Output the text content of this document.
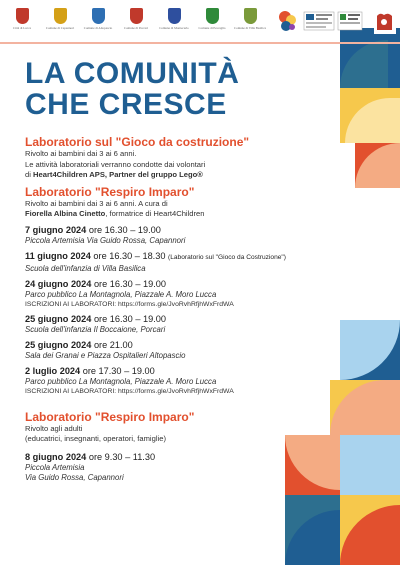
Città di Lucca	Comune di Capannori	Comune di Altopascio	Comune di Porcari	Comune di Montecarlo	Comune di Pescaglia	Comune di Villa Basilica
LA COMUNITÀ
CHE CRESCE

Laboratorio sul "Gioco da costruzione"

Rivolto ai bambini dai 3 ai 6 anni.

Le attività laboratoriali verranno condotte dai volontari

di Heart4Children APS, Partner del gruppo Lego®

Laboratorio "Respiro Imparo"

Rivolto ai bambini dai 3 ai 6 anni. A cura di

Fiorella Albina Cinetto, formatrice di Heart4Children

7 giugno 2024 ore 16.30 – 19.00
Piccola Artemisia Via Guido Rossa, Capannori
11 giugno 2024 ore 16.30 – 18.30 (Laboratorio sul "Gioco da Costruzione")
Scuola dell'infanzia di Villa Basilica
24 giugno 2024 ore 16.30 – 19.00
Parco pubblico La Montagnola, Piazzale A. Moro Lucca
ISCRIZIONI AI LABORATORI: https://forms.gle/JvoRvhRfjhWxFrdWA
25 giugno 2024 ore 16.30 – 19.00
Scuola dell'infanzia Il Boccaione, Porcari
25 giugno 2024 ore 21.00
Sala dei Granai e Piazza Ospitalieri Altopascio
2 luglio 2024 ore 17.30 – 19.00
Parco pubblico La Montagnola, Piazzale A. Moro Lucca
ISCRIZIONI AI LABORATORI: https://forms.gle/JvoRvhRfjhWxFrdWA

Laboratorio "Respiro Imparo"

Rivolto agli adulti

(educatrici, insegnanti, operatori, famiglie)

8 giugno 2024 ore 9.30 – 11.30
Piccola Artemisia
Via Guido Rossa, Capannori
